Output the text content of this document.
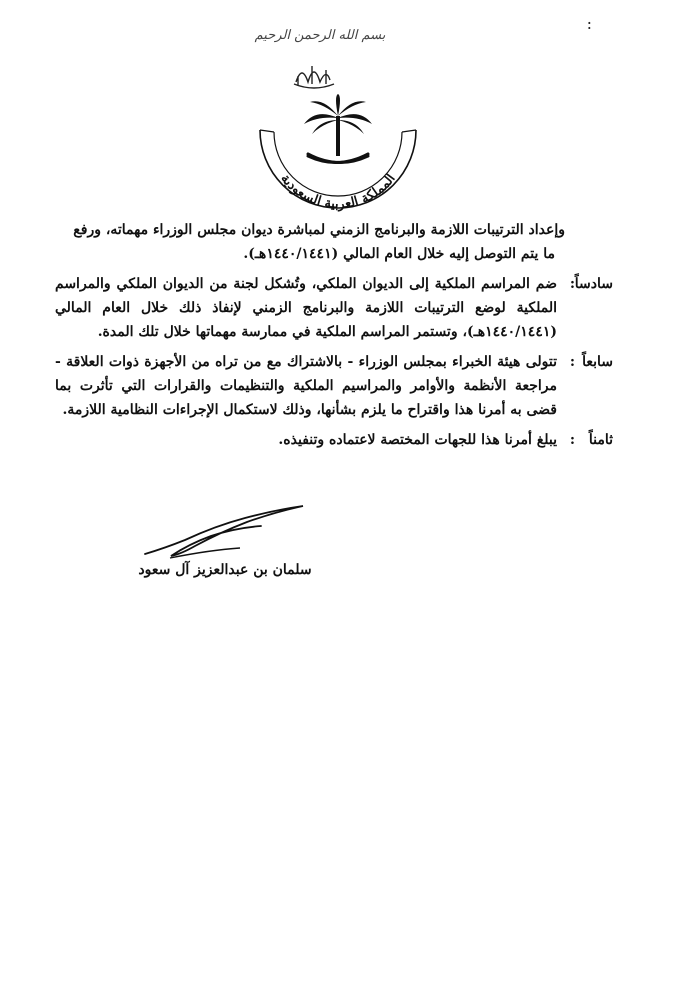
:
بسم الله الرحمن الرحيم
المملكة العربية السعودية

وإعداد الترتيبات اللازمة والبرنامج الزمني لمباشرة ديوان مجلس الوزراء مهماته، ورفع

ما يتم التوصل إليه خلال العام المالي (١٤٤٠/١٤٤١هـ).

سادساً
:
ضم المراسم الملكية إلى الديوان الملكي، وتُشكل لجنة من الديوان الملكي والمراسم الملكية لوضع الترتيبات اللازمة والبرنامج الزمني لإنفاذ ذلك خلال العام المالي (١٤٤٠/١٤٤١هـ)، وتستمر المراسم الملكية في ممارسة مهماتها خلال تلك المدة.
سابعاً
:
تتولى هيئة الخبراء بمجلس الوزراء - بالاشتراك مع من تراه من الأجهزة ذوات العلاقة - مراجعة الأنظمة والأوامر والمراسيم الملكية والتنظيمات والقرارات التي تأثرت بما قضى به أمرنا هذا واقتراح ما يلزم بشأنها، وذلك لاستكمال الإجراءات النظامية اللازمة.
ثامناً
:
يبلغ أمرنا هذا للجهات المختصة لاعتماده وتنفيذه.
سلمان بن عبدالعزيز آل سعود
